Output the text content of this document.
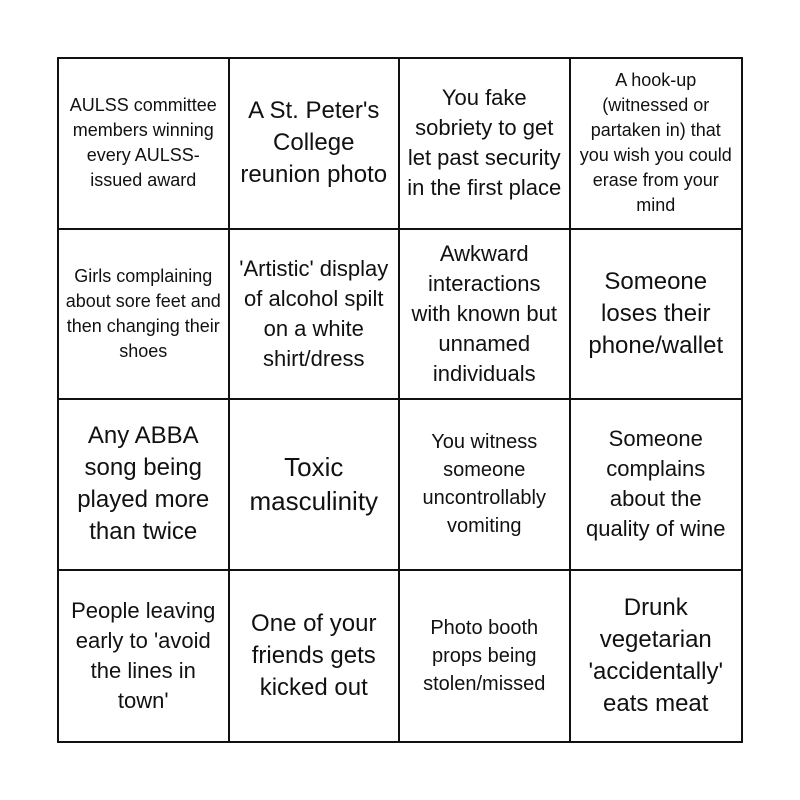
AULSS committee members winning every AULSS-issued award
A St. Peter's College reunion photo
You fake sobriety to get let past security in the first place
A hook-up (witnessed or partaken in) that you wish you could erase from your mind
Girls complaining about sore feet and then changing their shoes
'Artistic' display of alcohol spilt on a white shirt/dress
Awkward interactions with known but unnamed individuals
Someone loses their phone/wallet
Any ABBA song being played more than twice
Toxic masculinity
You witness someone uncontrollably vomiting
Someone complains about the quality of wine
People leaving early to 'avoid the lines in town'
One of your friends gets kicked out
Photo booth props being stolen/missed
Drunk vegetarian 'accidentally' eats meat
